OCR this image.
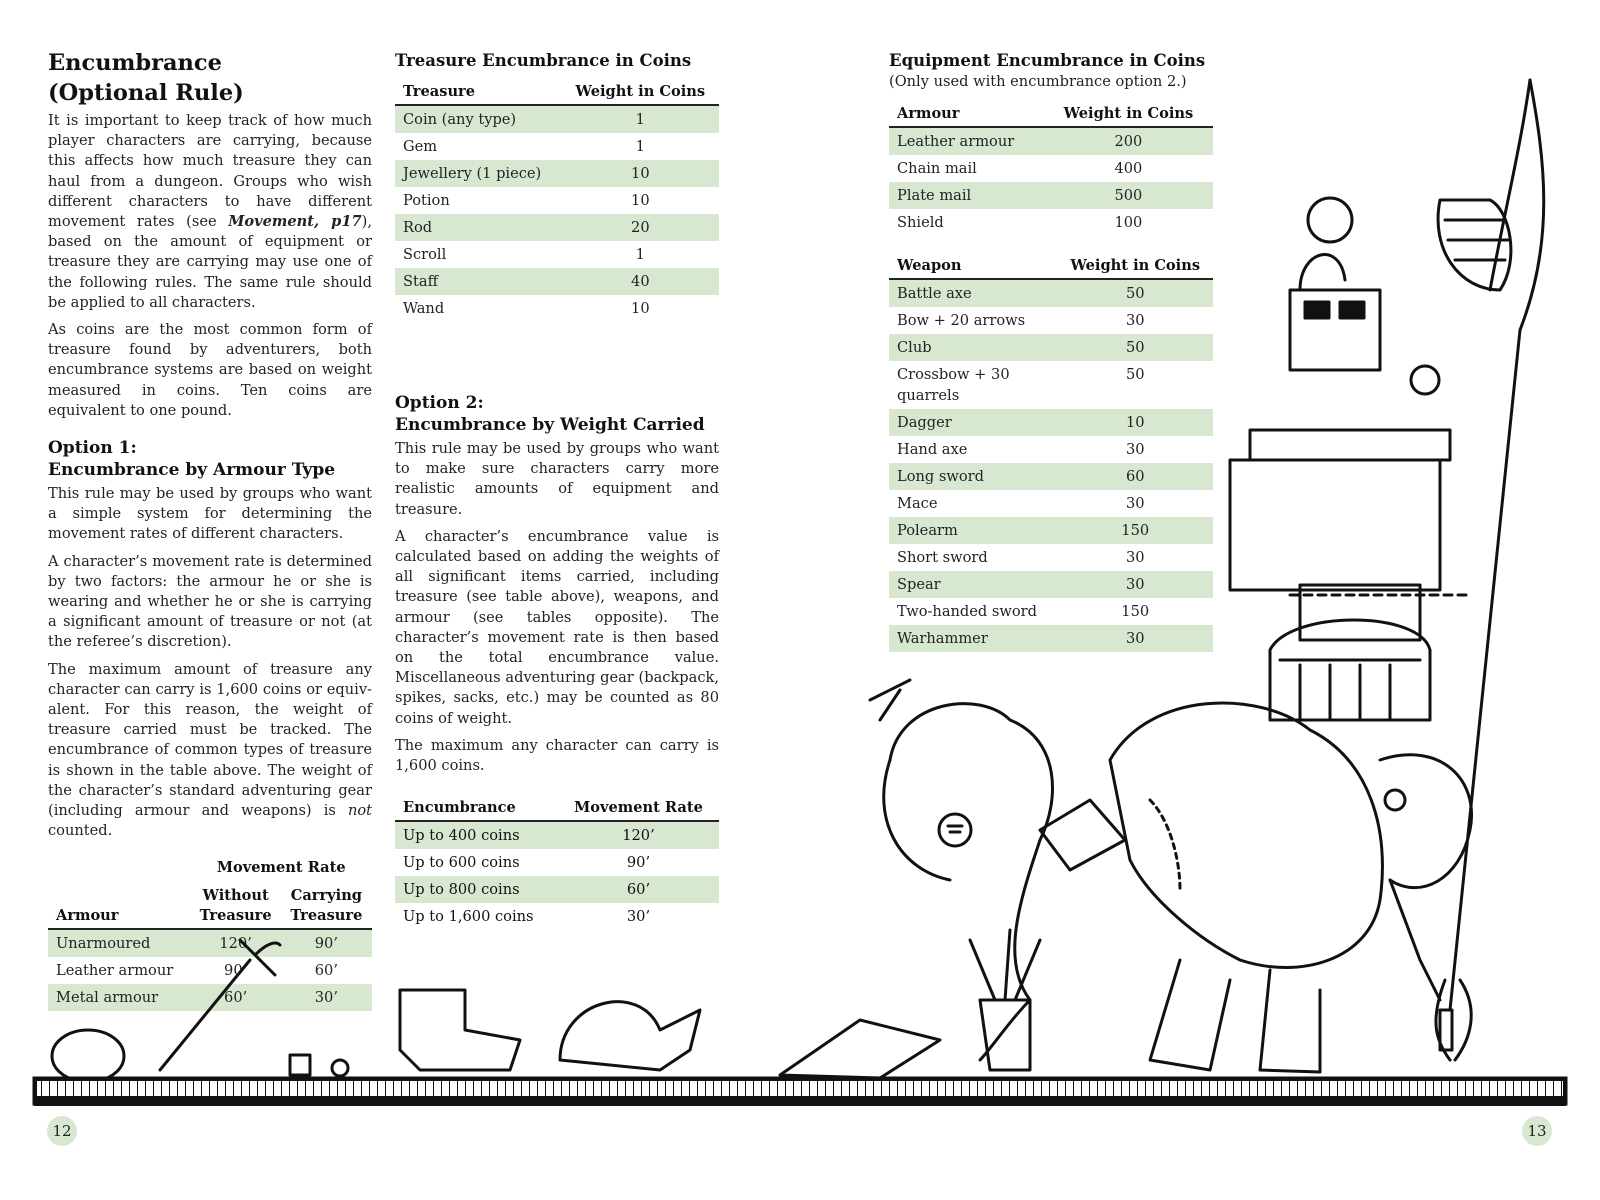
Encumbrance
(Optional Rule)

It is important to keep track of how much player characters are carrying, because this affects how much treasure they can haul from a dungeon. Groups who wish different characters to have different movement rates (see Movement, p17), based on the amount of equipment or treasure they are carrying may use one of the following rules. The same rule should be applied to all characters.

As coins are the most common form of treasure found by adventurers, both encumbrance systems are based on weight measured in coins. Ten coins are equivalent to one pound.

Option 1:
Encumbrance by Armour Type

This rule may be used by groups who want a simple system for determining the movement rates of different characters.

A character’s movement rate is determined by two factors: the armour he or she is wearing and whether he or she is carrying a significant amount of treasure or not (at the referee’s discretion).

The maximum amount of treasure any character can carry is 1,600 coins or equivalent. For this reason, the weight of treasure carried must be tracked. The encumbrance of common types of treasure is shown in the table above. The weight of the character’s standard adventuring gear (including armour and weapons) is not counted.

	Movement Rate	
Armour	Without Treasure	Carrying Treasure
Unarmoured	120’	90’
Leather armour	90’	60’
Metal armour	60’	30’
Treasure Encumbrance in Coins
Treasure	Weight in Coins
Coin (any type)	1
Gem	1
Jewellery (1 piece)	10
Potion	10
Rod	20
Scroll	1
Staff	40
Wand	10
Option 2:
Encumbrance by Weight Carried

This rule may be used by groups who want to make sure characters carry more realistic amounts of equipment and treasure.

A character’s encumbrance value is calculated based on adding the weights of all significant items carried, including treasure (see table above), weapons, and armour (see tables opposite). The character’s movement rate is then based on the total encumbrance value. Miscellaneous adventuring gear (backpack, spikes, sacks, etc.) may be counted as 80 coins of weight.

The maximum any character can carry is 1,600 coins.

Encumbrance	Movement Rate
Up to 400 coins	120’
Up to 600 coins	90’
Up to 800 coins	60’
Up to 1,600 coins	30’
Equipment Encumbrance in Coins
(Only used with encumbrance option 2.)
Armour	Weight in Coins
Leather armour	200
Chain mail	400
Plate mail	500
Shield	100
Weapon	Weight in Coins
Battle axe	50
Bow + 20 arrows	30
Club	50
Crossbow + 30 quarrels	50
Dagger	10
Hand axe	30
Long sword	60
Mace	30
Polearm	150
Short sword	30
Spear	30
Two-handed sword	150
Warhammer	30
12	13
